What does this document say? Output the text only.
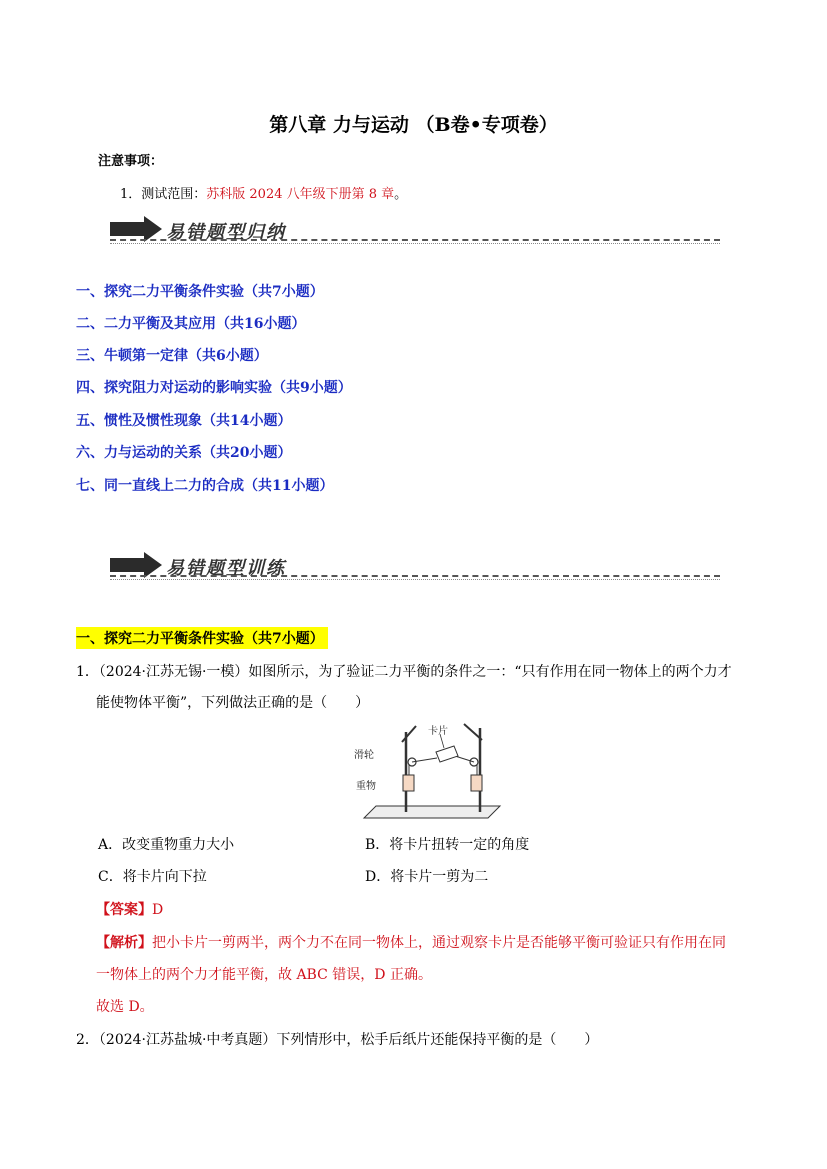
第八章 力与运动 （B卷•专项卷）
注意事项：
1．测试范围：苏科版 2024 八年级下册第 8 章。
易错题型归纳
一、探究二力平衡条件实验（共7小题）
二、二力平衡及其应用（共16小题）
三、牛顿第一定律（共6小题）
四、探究阻力对运动的影响实验（共9小题）
五、惯性及惯性现象（共14小题）
六、力与运动的关系（共20小题）
七、同一直线上二力的合成（共11小题）
易错题型训练
一、探究二力平衡条件实验（共7小题）
1．（2024·江苏无锡·一模）如图所示，为了验证二力平衡的条件之一：“只有作用在同一物体上的两个力才
能使物体平衡”，下列做法正确的是（　　）
卡片
滑轮
重物
A．改变重物重力大小	B．将卡片扭转一定的角度
C．将卡片向下拉	D．将卡片一剪为二
【答案】D
【解析】把小卡片一剪两半，两个力不在同一物体上，通过观察卡片是否能够平衡可验证只有作用在同
一物体上的两个力才能平衡，故 ABC 错误，D 正确。
故选 D。
2．（2024·江苏盐城·中考真题）下列情形中，松手后纸片还能保持平衡的是（　　）
